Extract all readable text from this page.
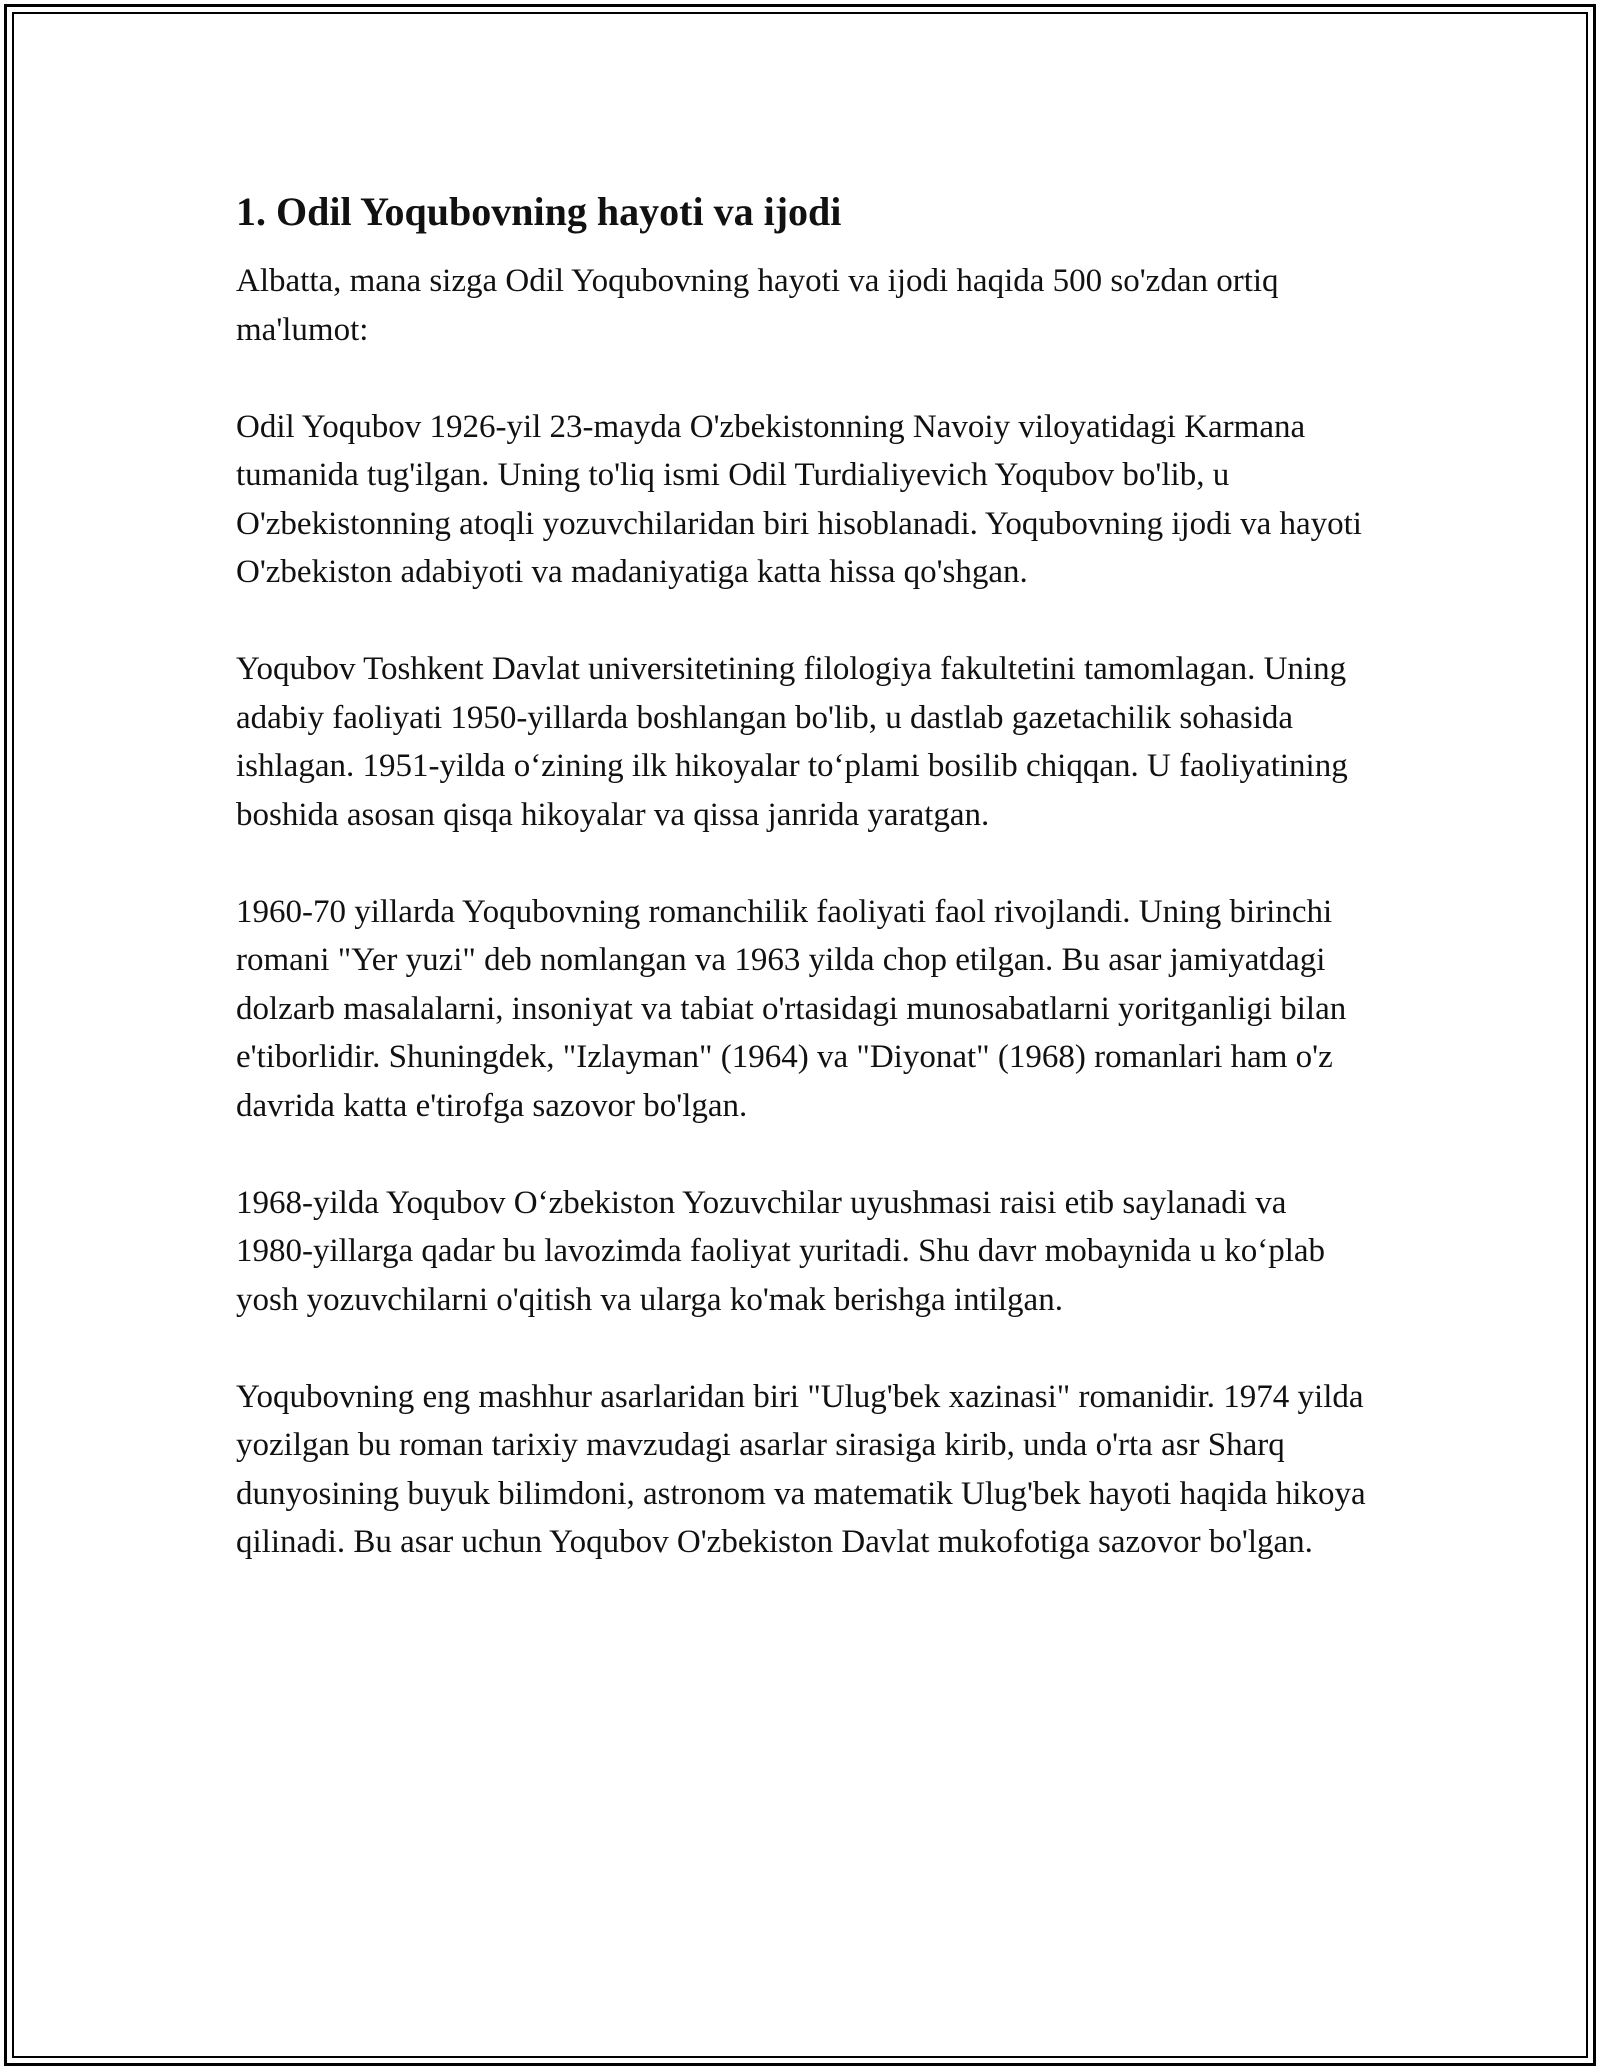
1. Odil Yoqubovning hayoti va ijodi

Albatta, mana sizga Odil Yoqubovning hayoti va ijodi haqida 500 so'zdan ortiq ma'lumot:

Odil Yoqubov 1926-yil 23-mayda O'zbekistonning Navoiy viloyatidagi Karmana tumanida tug'ilgan. Uning to'liq ismi Odil Turdialiyevich Yoqubov bo'lib, u O'zbekistonning atoqli yozuvchilaridan biri hisoblanadi. Yoqubovning ijodi va hayoti O'zbekiston adabiyoti va madaniyatiga katta hissa qo'shgan.

Yoqubov Toshkent Davlat universitetining filologiya fakultetini tamomlagan. Uning adabiy faoliyati 1950-yillarda boshlangan bo'lib, u dastlab gazetachilik sohasida ishlagan. 1951-yilda o‘zining ilk hikoyalar to‘plami bosilib chiqqan. U faoliyatining boshida asosan qisqa hikoyalar va qissa janrida yaratgan.

1960-70 yillarda Yoqubovning romanchilik faoliyati faol rivojlandi. Uning birinchi romani "Yer yuzi" deb nomlangan va 1963 yilda chop etilgan. Bu asar jamiyatdagi dolzarb masalalarni, insoniyat va tabiat o'rtasidagi munosabatlarni yoritganligi bilan e'tiborlidir. Shuningdek, "Izlayman" (1964) va "Diyonat" (1968) romanlari ham o'z davrida katta e'tirofga sazovor bo'lgan.

1968-yilda Yoqubov O‘zbekiston Yozuvchilar uyushmasi raisi etib saylanadi va 1980-yillarga qadar bu lavozimda faoliyat yuritadi. Shu davr mobaynida u ko‘plab yosh yozuvchilarni o'qitish va ularga ko'mak berishga intilgan.

Yoqubovning eng mashhur asarlaridan biri "Ulug'bek xazinasi" romanidir. 1974 yilda yozilgan bu roman tarixiy mavzudagi asarlar sirasiga kirib, unda o'rta asr Sharq dunyosining buyuk bilimdoni, astronom va matematik Ulug'bek hayoti haqida hikoya qilinadi. Bu asar uchun Yoqubov O'zbekiston Davlat mukofotiga sazovor bo'lgan.
